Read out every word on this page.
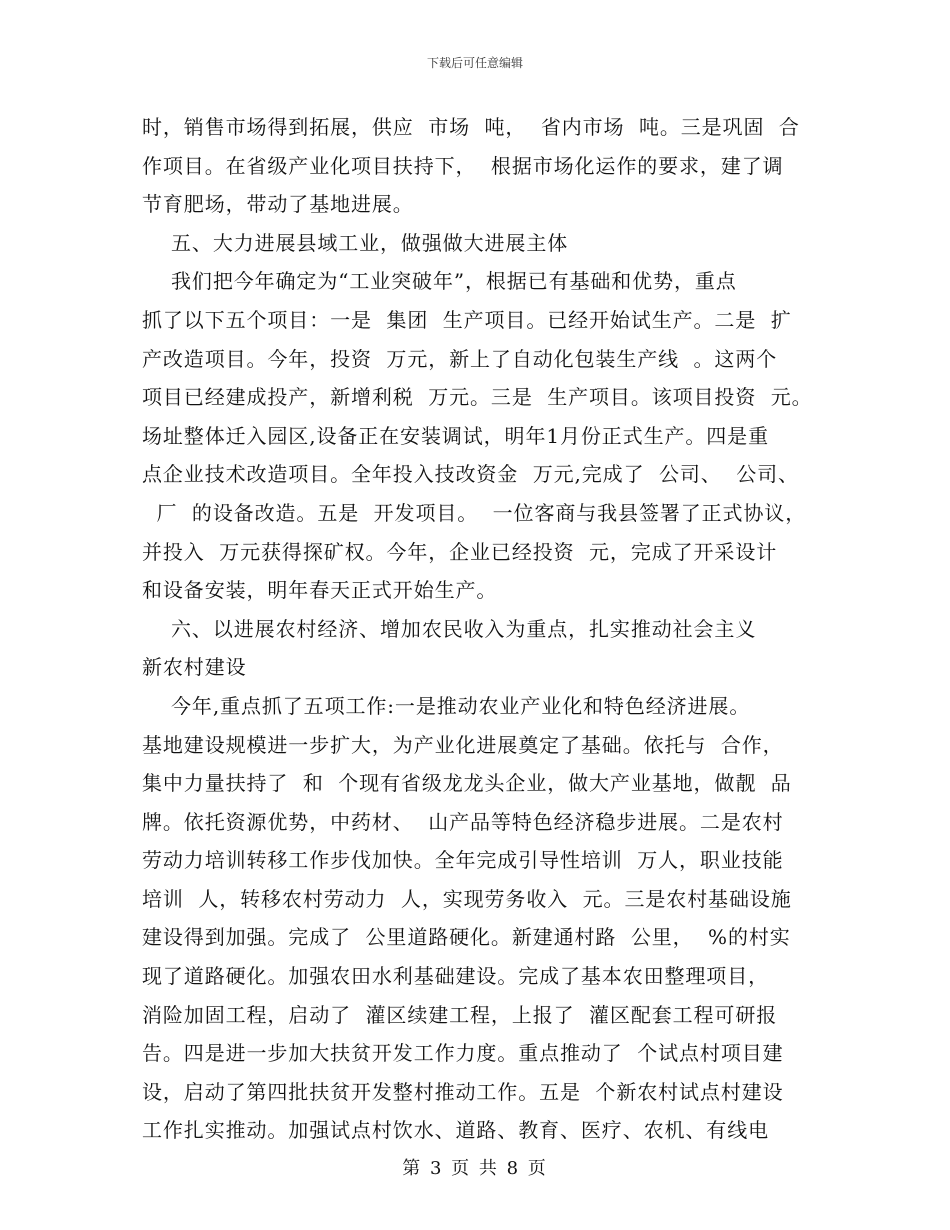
下载后可任意编辑
时，销售市场得到拓展，供应  市场  吨，  省内市场  吨。三是巩固  合
作项目。在省级产业化项目扶持下，  根据市场化运作的要求，建了调
节育肥场，带动了基地进展。
五、大力进展县域工业，做强做大进展主体
我们把今年确定为“工业突破年”，根据已有基础和优势，重点
抓了以下五个项目：一是  集团  生产项目。已经开始试生产。二是  扩
产改造项目。今年，投资  万元，新上了自动化包装生产线  。这两个
项目已经建成投产，新增利税  万元。三是  生产项目。该项目投资  元。
场址整体迁入园区,设备正在安装调试，明年1月份正式生产。四是重
点企业技术改造项目。全年投入技改资金  万元,完成了  公司、  公司、
厂  的设备改造。五是  开发项目。  一位客商与我县签署了正式协议，
并投入  万元获得探矿权。今年，企业已经投资  元，完成了开采设计
和设备安装，明年春天正式开始生产。
六、以进展农村经济、增加农民收入为重点，扎实推动社会主义
新农村建设
今年,重点抓了五项工作:一是推动农业产业化和特色经济进展。
基地建设规模进一步扩大，为产业化进展奠定了基础。依托与  合作，
集中力量扶持了  和  个现有省级龙龙头企业，做大产业基地，做靓  品
牌。依托资源优势，中药材、  山产品等特色经济稳步进展。二是农村
劳动力培训转移工作步伐加快。全年完成引导性培训  万人，职业技能
培训  人，转移农村劳动力  人，实现劳务收入  元。三是农村基础设施
建设得到加强。完成了  公里道路硬化。新建通村路  公里，  %的村实
现了道路硬化。加强农田水利基础建设。完成了基本农田整理项目，
消险加固工程，启动了  灌区续建工程，上报了  灌区配套工程可研报
告。四是进一步加大扶贫开发工作力度。重点推动了  个试点村项目建
设，启动了第四批扶贫开发整村推动工作。五是  个新农村试点村建设
工作扎实推动。加强试点村饮水、道路、教育、医疗、农机、有线电
第 3 页 共 8 页
